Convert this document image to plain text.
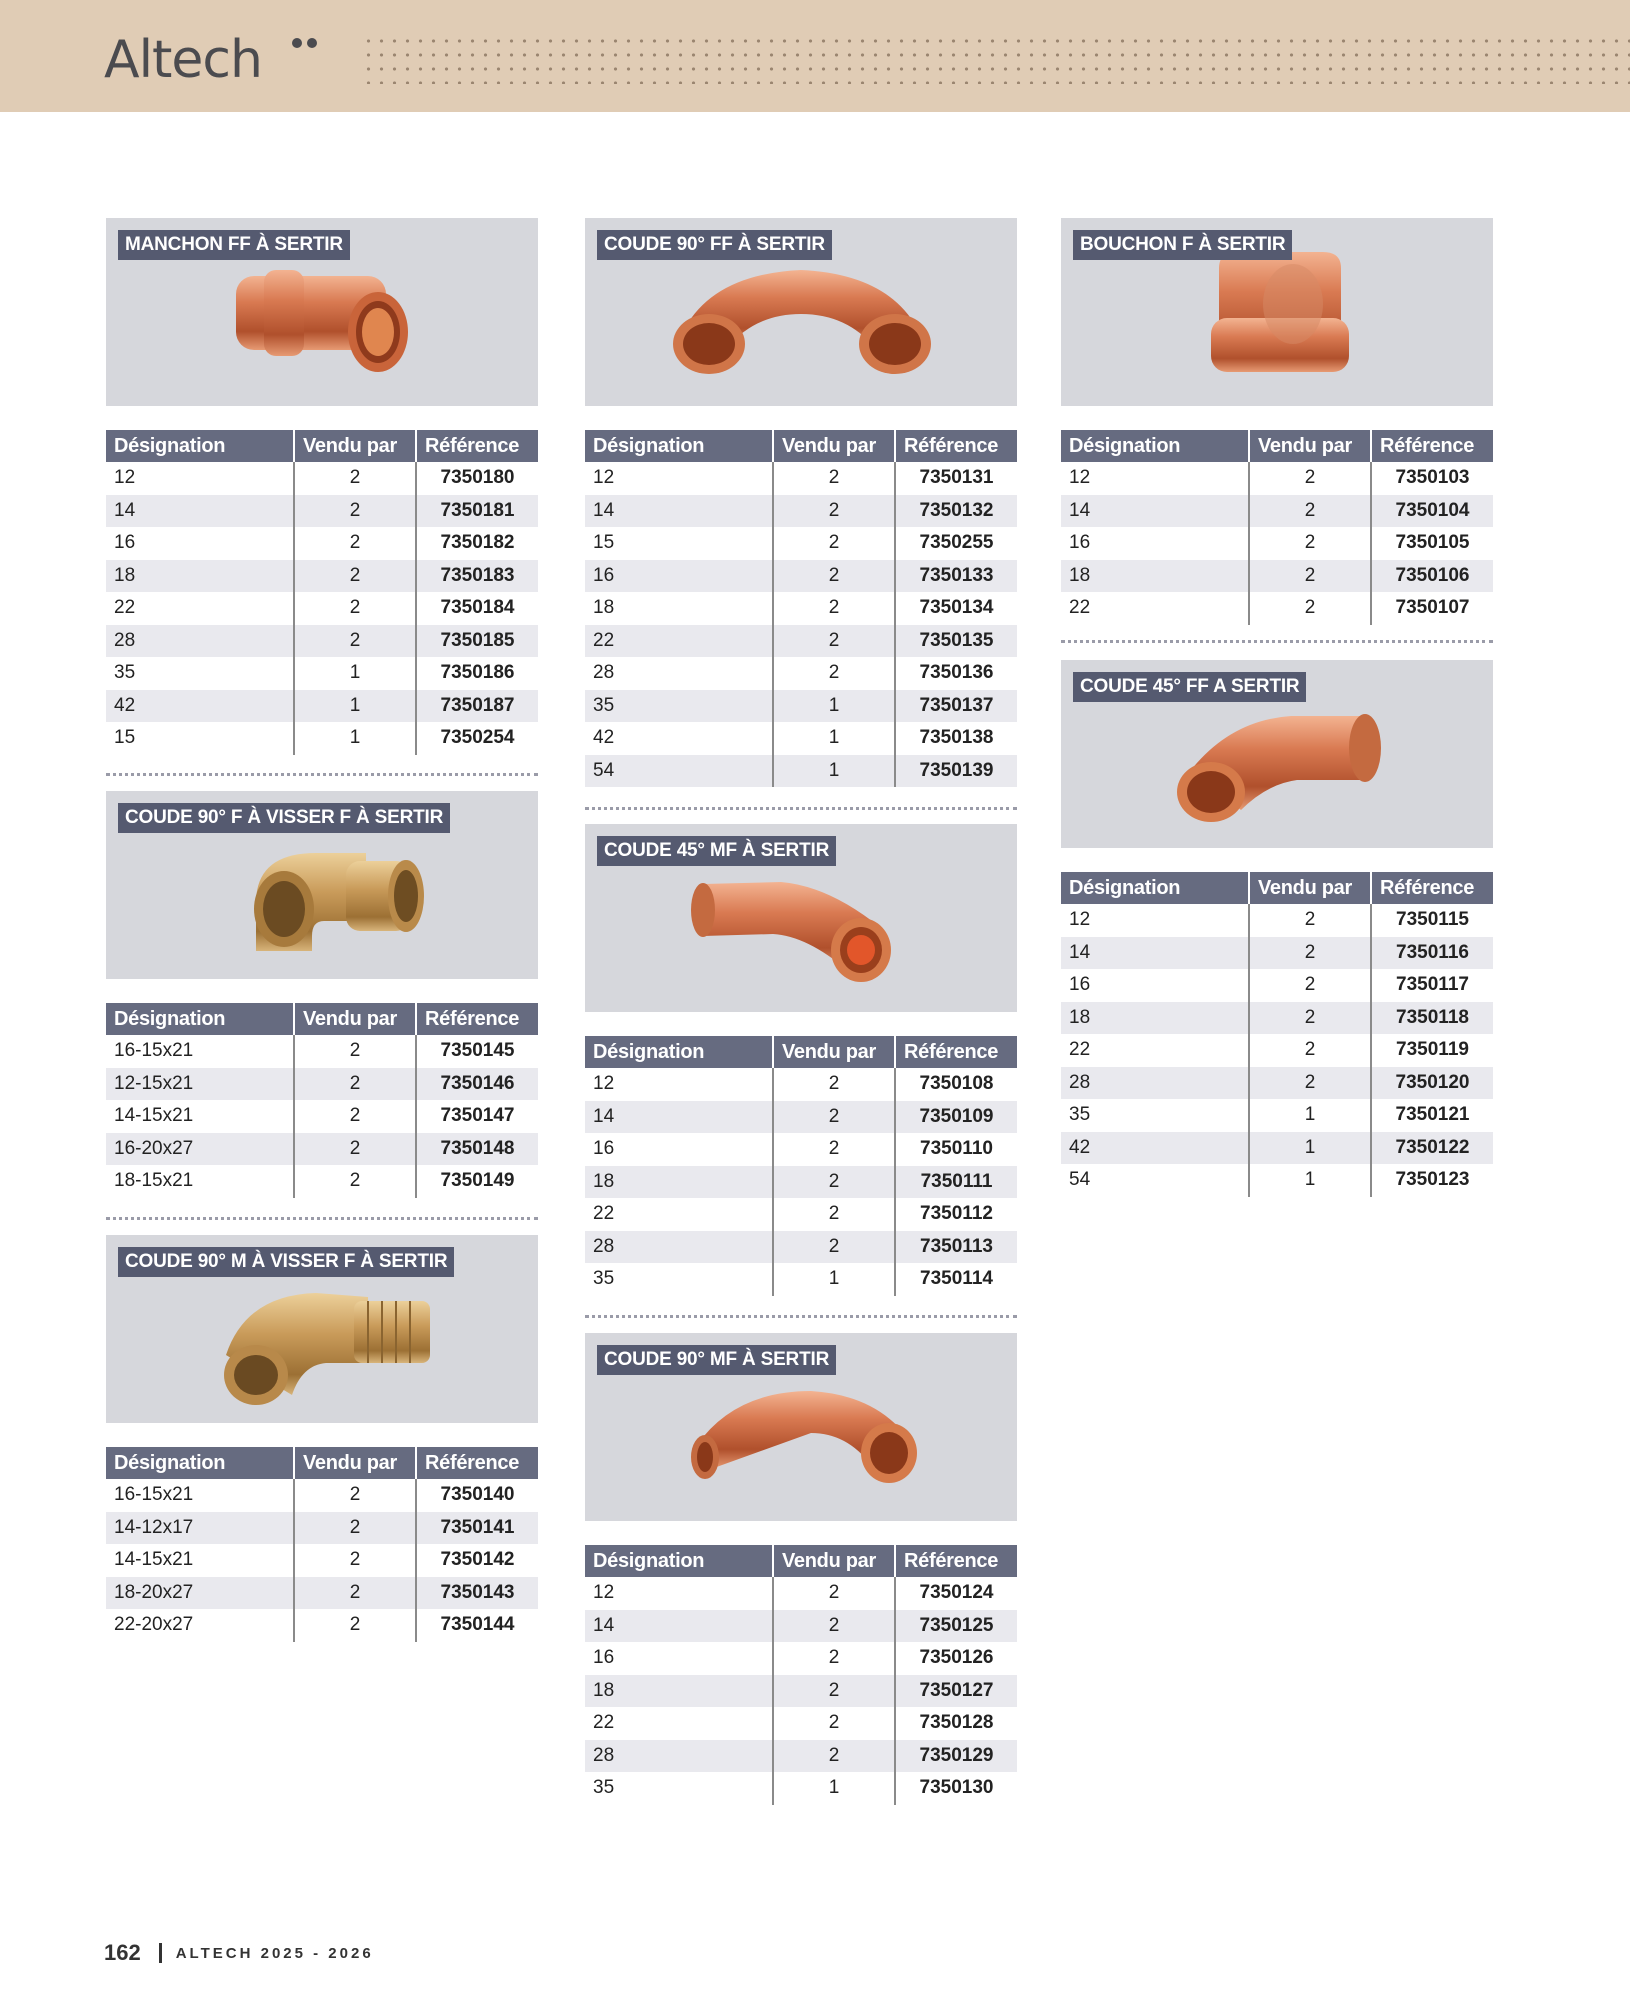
Altech
MANCHON FF À SERTIR
Désignation	Vendu par	Référence
12	2	7350180
14	2	7350181
16	2	7350182
18	2	7350183
22	2	7350184
28	2	7350185
35	1	7350186
42	1	7350187
15	1	7350254
COUDE 90° F À VISSER F À SERTIR
Désignation	Vendu par	Référence
16-15x21	2	7350145
12-15x21	2	7350146
14-15x21	2	7350147
16-20x27	2	7350148
18-15x21	2	7350149
COUDE 90° M À VISSER F À SERTIR
Désignation	Vendu par	Référence
16-15x21	2	7350140
14-12x17	2	7350141
14-15x21	2	7350142
18-20x27	2	7350143
22-20x27	2	7350144
COUDE 90° FF À SERTIR
Désignation	Vendu par	Référence
12	2	7350131
14	2	7350132
15	2	7350255
16	2	7350133
18	2	7350134
22	2	7350135
28	2	7350136
35	1	7350137
42	1	7350138
54	1	7350139
COUDE 45° MF À SERTIR
Désignation	Vendu par	Référence
12	2	7350108
14	2	7350109
16	2	7350110
18	2	7350111
22	2	7350112
28	2	7350113
35	1	7350114
COUDE 90° MF À SERTIR
Désignation	Vendu par	Référence
12	2	7350124
14	2	7350125
16	2	7350126
18	2	7350127
22	2	7350128
28	2	7350129
35	1	7350130
BOUCHON F À SERTIR
Désignation	Vendu par	Référence
12	2	7350103
14	2	7350104
16	2	7350105
18	2	7350106
22	2	7350107
COUDE 45° FF A SERTIR
Désignation	Vendu par	Référence
12	2	7350115
14	2	7350116
16	2	7350117
18	2	7350118
22	2	7350119
28	2	7350120
35	1	7350121
42	1	7350122
54	1	7350123
162 ALTECH 2025 - 2026
